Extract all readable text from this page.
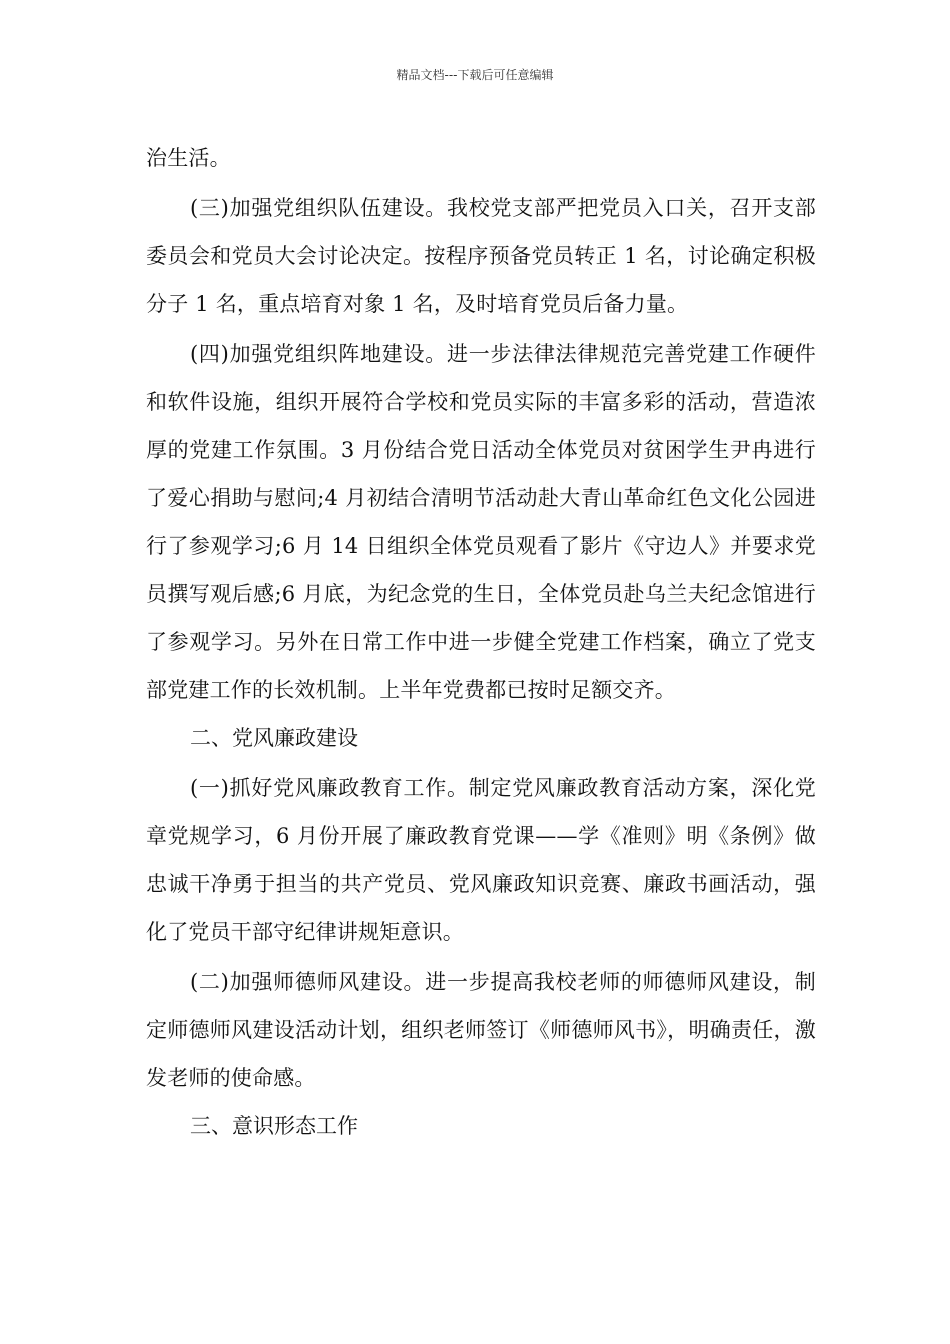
精品文档---下载后可任意编辑

治生活。

(三)加强党组织队伍建设。我校党支部严把党员入口关，召开支部委员会和党员大会讨论决定。按程序预备党员转正 1 名，讨论确定积极分子 1 名，重点培育对象 1 名，及时培育党员后备力量。

(四)加强党组织阵地建设。进一步法律法律规范完善党建工作硬件和软件设施，组织开展符合学校和党员实际的丰富多彩的活动，营造浓厚的党建工作氛围。3 月份结合党日活动全体党员对贫困学生尹冉进行了爱心捐助与慰问;4 月初结合清明节活动赴大青山革命红色文化公园进行了参观学习;6 月 14 日组织全体党员观看了影片《守边人》并要求党员撰写观后感;6 月底，为纪念党的生日，全体党员赴乌兰夫纪念馆进行了参观学习。另外在日常工作中进一步健全党建工作档案，确立了党支部党建工作的长效机制。上半年党费都已按时足额交齐。

二、党风廉政建设

(一)抓好党风廉政教育工作。制定党风廉政教育活动方案，深化党章党规学习，6 月份开展了廉政教育党课——学《准则》明《条例》做忠诚干净勇于担当的共产党员、党风廉政知识竞赛、廉政书画活动，强化了党员干部守纪律讲规矩意识。

(二)加强师德师风建设。进一步提高我校老师的师德师风建设，制定师德师风建设活动计划，组织老师签订《师德师风书》，明确责任，激发老师的使命感。

三、意识形态工作
